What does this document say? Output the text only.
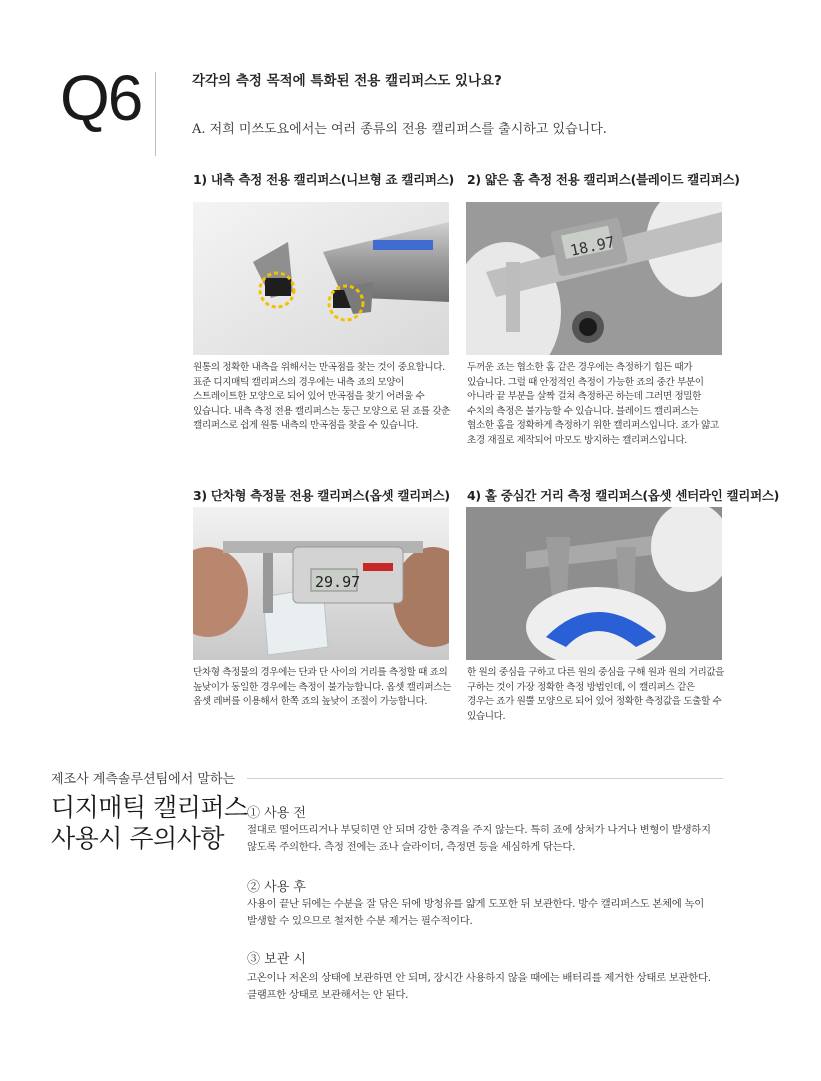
Q6	각각의 측정 목적에 특화된 전용 캘리퍼스도 있나요?
A. 저희 미쓰도요에서는 여러 종류의 전용 캘리퍼스를 출시하고 있습니다.
1) 내측 측정 전용 캘리퍼스(니브형 죠 캘리퍼스)

원통의 정확한 내측을 위해서는 만곡점을 찾는 것이 중요합니다.
표준 디지매틱 캘리퍼스의 경우에는 내측 죠의 모양이
스트레이트한 모양으로 되어 있어 만곡점을 찾기 어려울 수
있습니다. 내측 측정 전용 캘리퍼스는 둥근 모양으로 된 죠를 갖춘
캘리퍼스로 쉽게 원통 내측의 만곡점을 찾을 수 있습니다.

2) 얇은 홈 측정 전용 캘리퍼스(블레이드 캘리퍼스)
18.97

두꺼운 죠는 협소한 홈 같은 경우에는 측정하기 힘든 때가
있습니다. 그럴 때 안정적인 측정이 가능한 죠의 중간 부분이
아니라 끝 부분을 살짝 걸쳐 측정하곤 하는데 그러면 정밀한
수치의 측정은 불가능할 수 있습니다. 블레이드 캘리퍼스는
협소한 홈을 정확하게 측정하기 위한 캘리퍼스입니다. 죠가 얇고
초경 재질로 제작되어 마모도 방지하는 캘리퍼스입니다.

3) 단차형 측정물 전용 캘리퍼스(옵셋 캘리퍼스)
29.97

단차형 측정물의 경우에는 단과 단 사이의 거리를 측정할 때 죠의
높낮이가 동일한 경우에는 측정이 불가능합니다. 옵셋 캘리퍼스는
옵셋 레버를 이용해서 한쪽 죠의 높낮이 조절이 가능합니다.

4) 홀 중심간 거리 측정 캘리퍼스(옵셋 센터라인 캘리퍼스)

한 원의 중심을 구하고 다른 원의 중심을 구해 원과 원의 거리값을
구하는 것이 가장 정확한 측정 방법인데, 이 캘리퍼스 같은
경우는 죠가 원뿔 모양으로 되어 있어 정확한 측정값을 도출할 수
있습니다.

제조사 계측솔루션팀에서 말하는
디지매틱 캘리퍼스
사용시 주의사항
① 사용 전

절대로 떨어뜨리거나 부딪히면 안 되며 강한 충격을 주지 않는다. 특히 죠에 상처가 나거나 변형이 발생하지
않도록 주의한다. 측정 전에는 죠나 슬라이더, 측정면 등을 세심하게 닦는다.

② 사용 후

사용이 끝난 뒤에는 수분을 잘 닦은 뒤에 방청유를 얇게 도포한 뒤 보관한다. 방수 캘리퍼스도 본체에 녹이
발생할 수 있으므로 철저한 수분 제거는 필수적이다.

③ 보관 시

고온이나 저온의 상태에 보관하면 안 되며, 장시간 사용하지 않을 때에는 배터리를 제거한 상태로 보관한다.
클램프한 상태로 보관해서는 안 된다.
